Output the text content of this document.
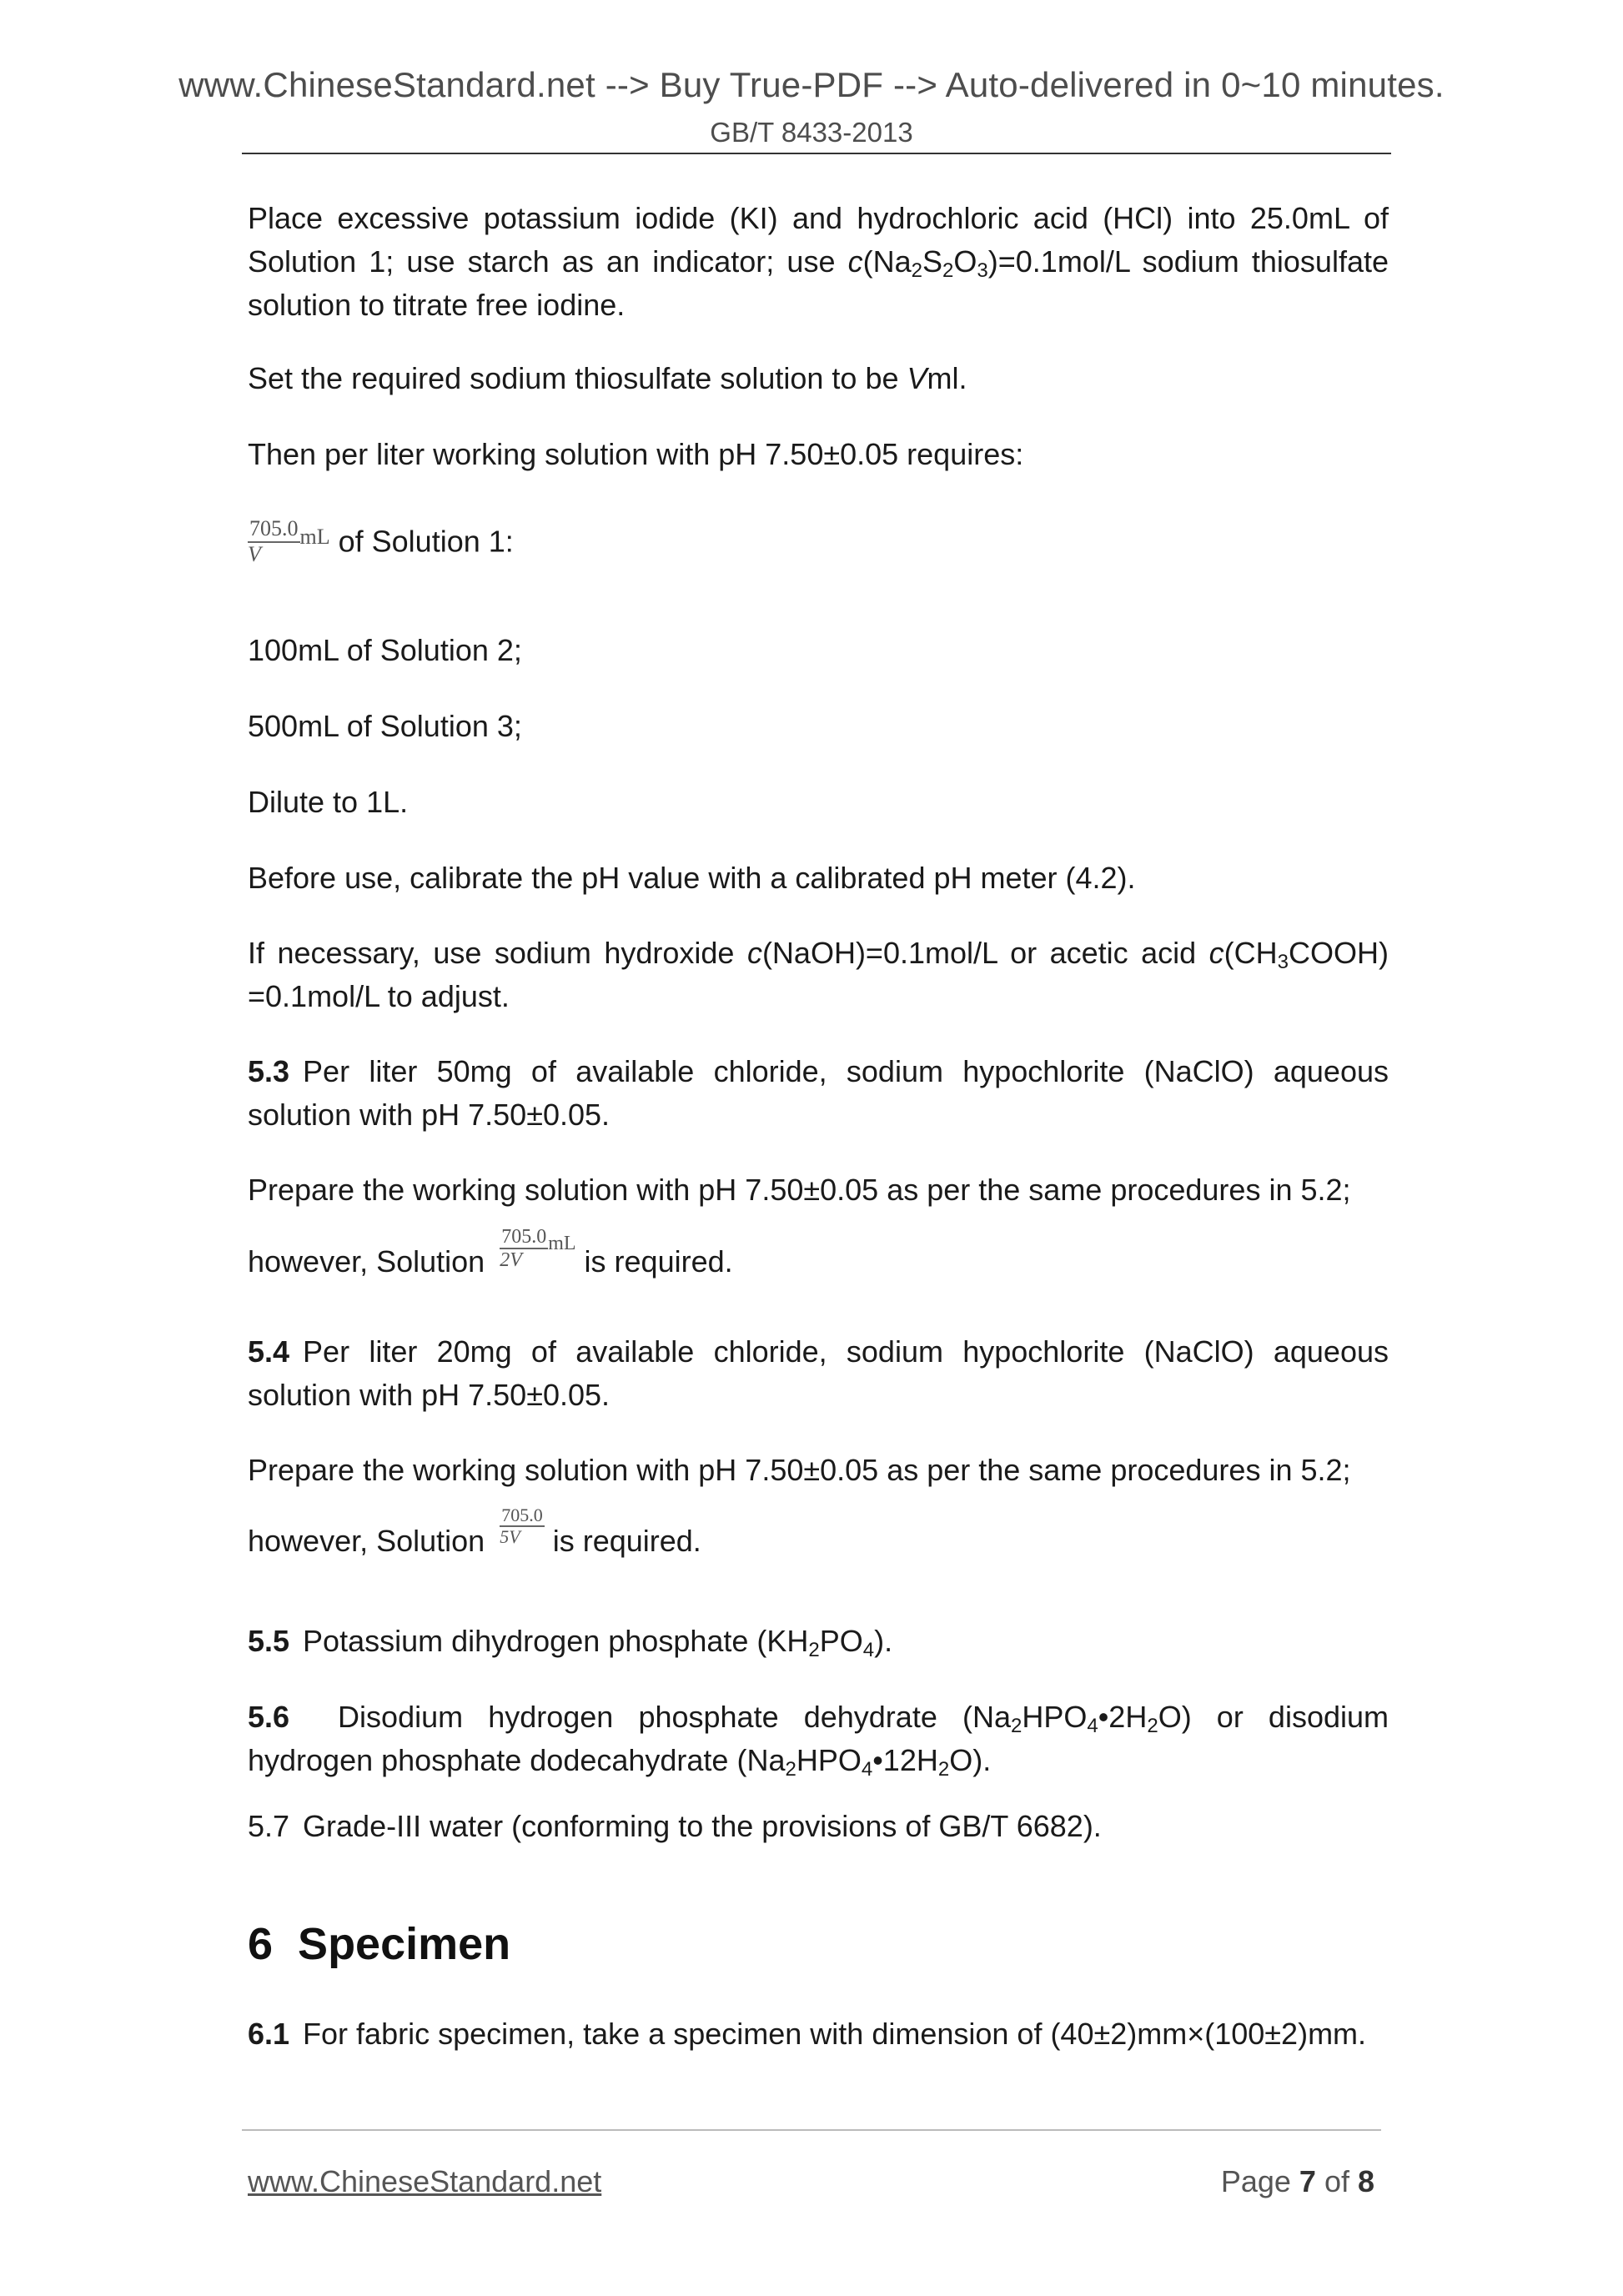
www.ChineseStandard.net --> Buy True-PDF --> Auto-delivered in 0~10 minutes.
GB/T 8433-2013

Place excessive potassium iodide (KI) and hydrochloric acid (HCl) into 25.0mL of Solution 1; use starch as an indicator; use $c(Na_2S_2O_3)=0.1mol/L$ sodium thiosulfate solution to titrate free iodine.

Set the required sodium thiosulfate solution to be Vml.

Then per liter working solution with pH 7.50±0.05 requires:

$\frac{705.0}{V}$ mL of Solution 1:

100mL of Solution 2;

500mL of Solution 3;

Dilute to 1L.

Before use, calibrate the pH value with a calibrated pH meter (4.2).

If necessary, use sodium hydroxide c(NaOH)=0.1mol/L or acetic acid $c(CH_3COOH) =0.1mol/L$ to adjust.

5.3 Per liter 50mg of available chloride, sodium hypochlorite (NaClO) aqueous solution with pH 7.50±0.05.

Prepare the working solution with pH 7.50±0.05 as per the same procedures in 5.2;

however, Solution $\frac{705.0}{2V}$ mL is required.

5.4 Per liter 20mg of available chloride, sodium hypochlorite (NaClO) aqueous solution with pH 7.50±0.05.

Prepare the working solution with pH 7.50±0.05 as per the same procedures in 5.2;

however, Solution $\frac{705.0}{5V}$ is required.

5.5 Potassium dihydrogen phosphate $(KH_2PO_4)$.

5.6 Disodium hydrogen phosphate dehydrate $(Na_2HPO_4•2H_2O)$ or disodium hydrogen phosphate dodecahydrate $(Na_2HPO_4•12H_2O)$.

5.7 Grade-III water (conforming to the provisions of GB/T 6682).

6 Specimen

6.1 For fabric specimen, take a specimen with dimension of (40±2)mm×(100±2)mm.

www.ChineseStandard.net	Page 7 of 8
